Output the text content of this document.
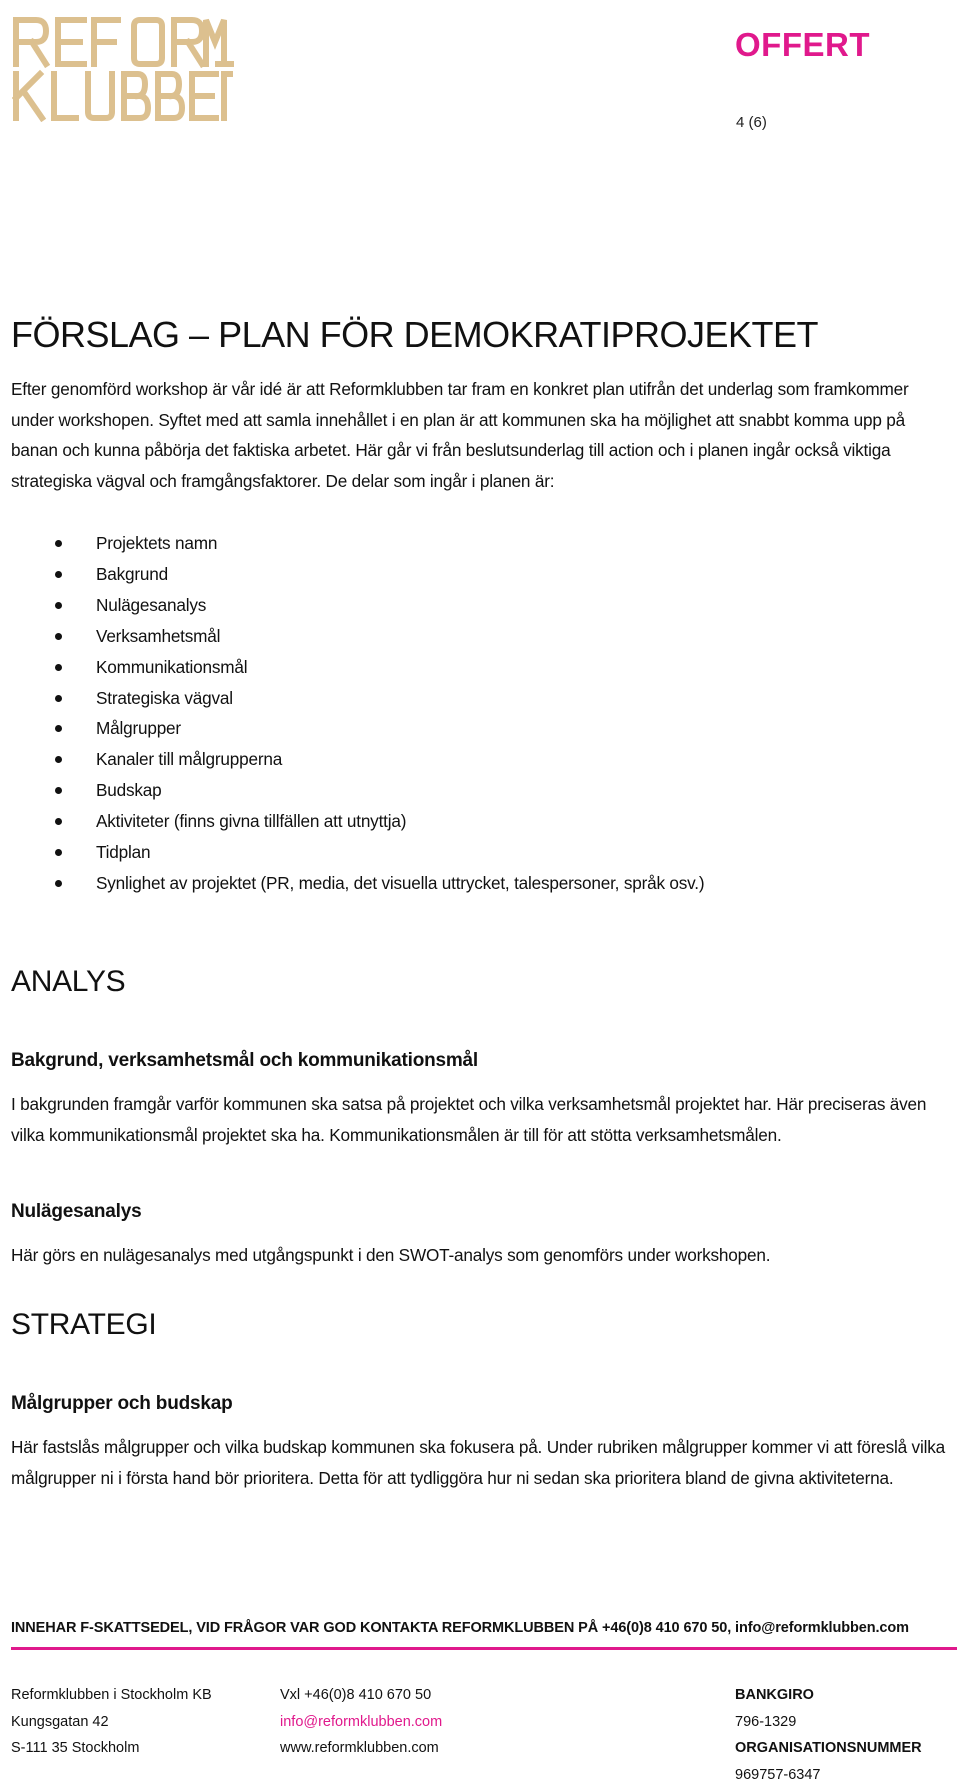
OFFERT
4 (6)
FÖRSLAG – PLAN FÖR DEMOKRATIPROJEKTET

Efter genomförd workshop är vår idé är att Reformklubben tar fram en konkret plan utifrån det underlag som framkommer under workshopen. Syftet med att samla innehållet i en plan är att kommunen ska ha möjlighet att snabbt komma upp på banan och kunna påbörja det faktiska arbetet. Här går vi från beslutsunderlag till action och i planen ingår också viktiga strategiska vägval och framgångsfaktorer. De delar som ingår i planen är:

Projektets namn
Bakgrund
Nulägesanalys
Verksamhetsmål
Kommunikationsmål
Strategiska vägval
Målgrupper
Kanaler till målgrupperna
Budskap
Aktiviteter (finns givna tillfällen att utnyttja)
Tidplan
Synlighet av projektet (PR, media, det visuella uttrycket, talespersoner, språk osv.)
ANALYS
Bakgrund, verksamhetsmål och kommunikationsmål

I bakgrunden framgår varför kommunen ska satsa på projektet och vilka verksamhetsmål projektet har. Här preciseras även vilka kommunikationsmål projektet ska ha. Kommunikationsmålen är till för att stötta verksamhetsmålen.

Nulägesanalys

Här görs en nulägesanalys med utgångspunkt i den SWOT-analys som genomförs under workshopen.

STRATEGI
Målgrupper och budskap

Här fastslås målgrupper och vilka budskap kommunen ska fokusera på. Under rubriken målgrupper kommer vi att föreslå vilka målgrupper ni i första hand bör prioritera. Detta för att tydliggöra hur ni sedan ska prioritera bland de givna aktiviteterna.

INNEHAR F-SKATTSEDEL, VID FRÅGOR VAR GOD KONTAKTA REFORMKLUBBEN PÅ +46(0)8 410 670 50, info@reformklubben.com
Reformklubben i Stockholm KB
Kungsgatan 42
S-111 35 Stockholm
Vxl +46(0)8 410 670 50
info@reformklubben.com
www.reformklubben.com
BANKGIRO
796-1329
ORGANISATIONSNUMMER
969757-6347
